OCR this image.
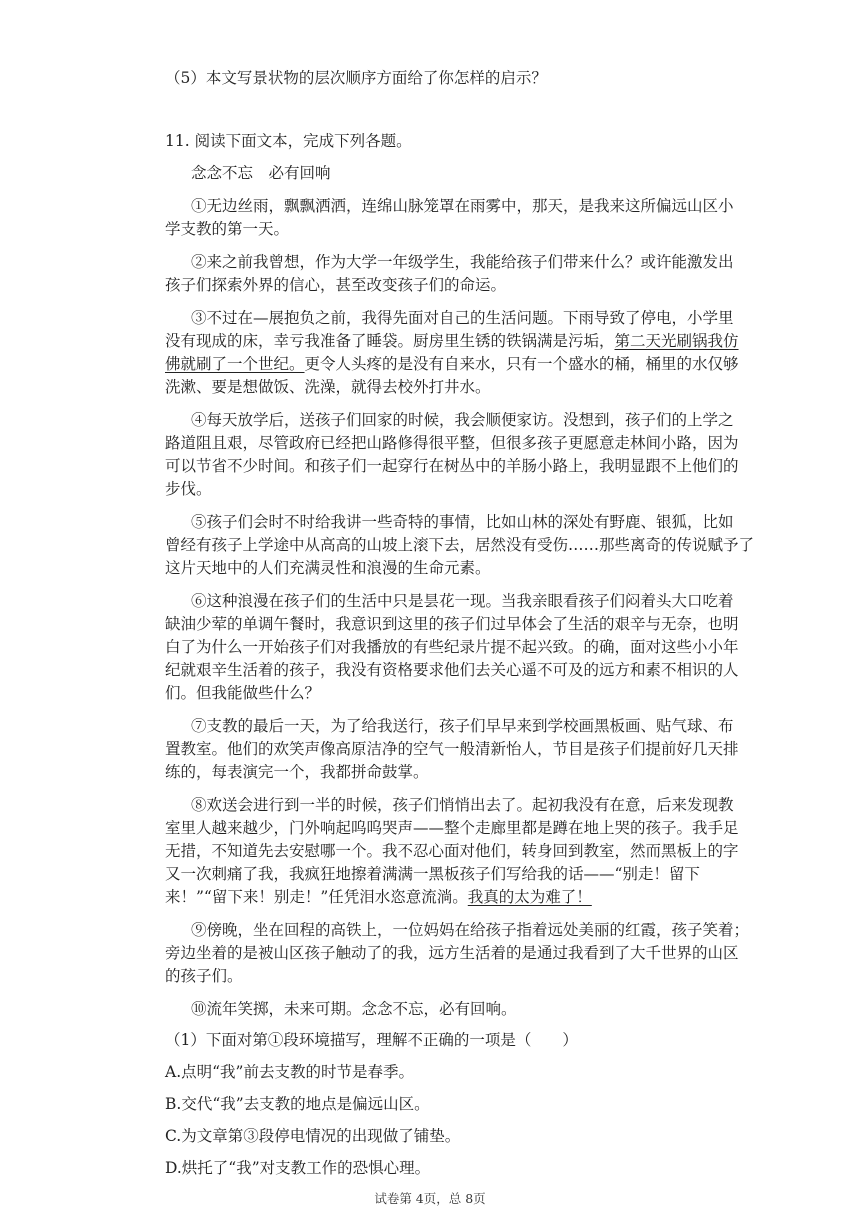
（5）本文写景状物的层次顺序方面给了你怎样的启示？
11. 阅读下面文本，完成下列各题。
念念不忘　必有回响
①无边丝雨，飘飘洒洒，连绵山脉笼罩在雨雾中，那天，是我来这所偏远山区小
学支教的第一天。
②来之前我曾想，作为大学一年级学生，我能给孩子们带来什么？或许能激发出
孩子们探索外界的信心，甚至改变孩子们的命运。
③不过在—展抱负之前，我得先面对自己的生活问题。下雨导致了停电，小学里
没有现成的床，幸亏我准备了睡袋。厨房里生锈的铁锅满是污垢，第二天光刷锅我仿
佛就刷了一个世纪。更令人头疼的是没有自来水，只有一个盛水的桶，桶里的水仅够
洗漱、要是想做饭、洗澡，就得去校外打井水。
④每天放学后，送孩子们回家的时候，我会顺便家访。没想到，孩子们的上学之
路道阻且艰，尽管政府已经把山路修得很平整，但很多孩子更愿意走林间小路，因为
可以节省不少时间。和孩子们一起穿行在树丛中的羊肠小路上，我明显跟不上他们的
步伐。
⑤孩子们会时不时给我讲一些奇特的事情，比如山林的深处有野鹿、银狐，比如
曾经有孩子上学途中从高高的山坡上滚下去，居然没有受伤……那些离奇的传说赋予了
这片天地中的人们充满灵性和浪漫的生命元素。
⑥这种浪漫在孩子们的生活中只是昙花一现。当我亲眼看孩子们闷着头大口吃着
缺油少荤的单调午餐时，我意识到这里的孩子们过早体会了生活的艰辛与无奈，也明
白了为什么一开始孩子们对我播放的有些纪录片提不起兴致。的确，面对这些小小年
纪就艰辛生活着的孩子，我没有资格要求他们去关心遥不可及的远方和素不相识的人
们。但我能做些什么？
⑦支教的最后一天，为了给我送行，孩子们早早来到学校画黑板画、贴气球、布
置教室。他们的欢笑声像高原洁净的空气一般清新怡人，节目是孩子们提前好几天排
练的，每表演完一个，我都拼命鼓掌。
⑧欢送会进行到一半的时候，孩子们悄悄出去了。起初我没有在意，后来发现教
室里人越来越少，门外响起呜呜哭声——整个走廊里都是蹲在地上哭的孩子。我手足
无措，不知道先去安慰哪一个。我不忍心面对他们，转身回到教室，然而黑板上的字
又一次刺痛了我，我疯狂地擦着满满一黑板孩子们写给我的话——“别走！留下
来！”“留下来！别走！”任凭泪水恣意流淌。我真的太为难了！
⑨傍晚，坐在回程的高铁上，一位妈妈在给孩子指着远处美丽的红霞，孩子笑着；
旁边坐着的是被山区孩子触动了的我，远方生活着的是通过我看到了大千世界的山区
的孩子们。
⑩流年笑掷，未来可期。念念不忘，必有回响。
（1）下面对第①段环境描写，理解不正确的一项是（　　）
A.点明“我”前去支教的时节是春季。
B.交代“我”去支教的地点是偏远山区。
C.为文章第③段停电情况的出现做了铺垫。
D.烘托了“我”对支教工作的恐惧心理。
试卷第 4页，总 8页
